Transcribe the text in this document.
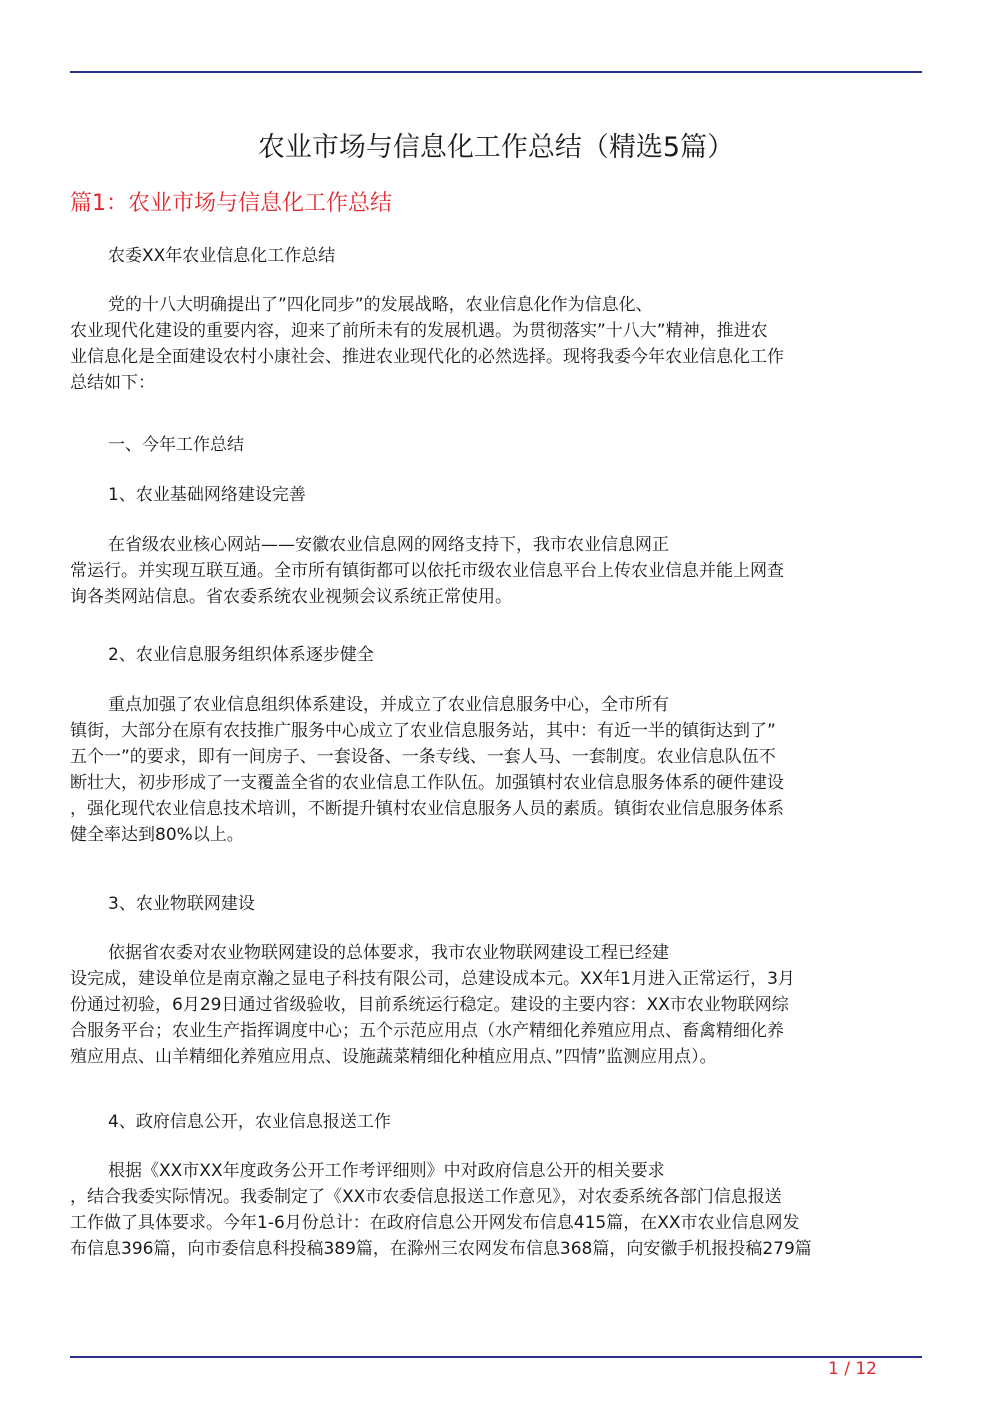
农业市场与信息化工作总结（精选5篇）
篇1：农业市场与信息化工作总结

农委XX年农业信息化工作总结

党的十八大明确提出了”四化同步”的发展战略，农业信息化作为信息化、
农业现代化建设的重要内容，迎来了前所未有的发展机遇。为贯彻落实”十八大”精神，推进农
业信息化是全面建设农村小康社会、推进农业现代化的必然选择。现将我委今年农业信息化工作
总结如下：

一、今年工作总结

1、农业基础网络建设完善

在省级农业核心网站——安徽农业信息网的网络支持下，我市农业信息网正
常运行。并实现互联互通。全市所有镇街都可以依托市级农业信息平台上传农业信息并能上网查
询各类网站信息。省农委系统农业视频会议系统正常使用。

2、农业信息服务组织体系逐步健全

重点加强了农业信息组织体系建设，并成立了农业信息服务中心，全市所有
镇街，大部分在原有农技推广服务中心成立了农业信息服务站，其中：有近一半的镇街达到了”
五个一”的要求，即有一间房子、一套设备、一条专线、一套人马、一套制度。农业信息队伍不
断壮大，初步形成了一支覆盖全省的农业信息工作队伍。加强镇村农业信息服务体系的硬件建设
，强化现代农业信息技术培训，不断提升镇村农业信息服务人员的素质。镇街农业信息服务体系
健全率达到80%以上。

3、农业物联网建设

依据省农委对农业物联网建设的总体要求，我市农业物联网建设工程已经建
设完成，建设单位是南京瀚之显电子科技有限公司，总建设成本元。XX年1月进入正常运行，3月
份通过初验，6月29日通过省级验收，目前系统运行稳定。建设的主要内容：XX市农业物联网综
合服务平台；农业生产指挥调度中心；五个示范应用点（水产精细化养殖应用点、畜禽精细化养
殖应用点、山羊精细化养殖应用点、设施蔬菜精细化种植应用点、”四情”监测应用点）。

4、政府信息公开，农业信息报送工作

根据《XX市XX年度政务公开工作考评细则》中对政府信息公开的相关要求
，结合我委实际情况。我委制定了《XX市农委信息报送工作意见》，对农委系统各部门信息报送
工作做了具体要求。今年1-6月份总计：在政府信息公开网发布信息415篇，在XX市农业信息网发
布信息396篇，向市委信息科投稿389篇，在滁州三农网发布信息368篇，向安徽手机报投稿279篇

1 / 12
